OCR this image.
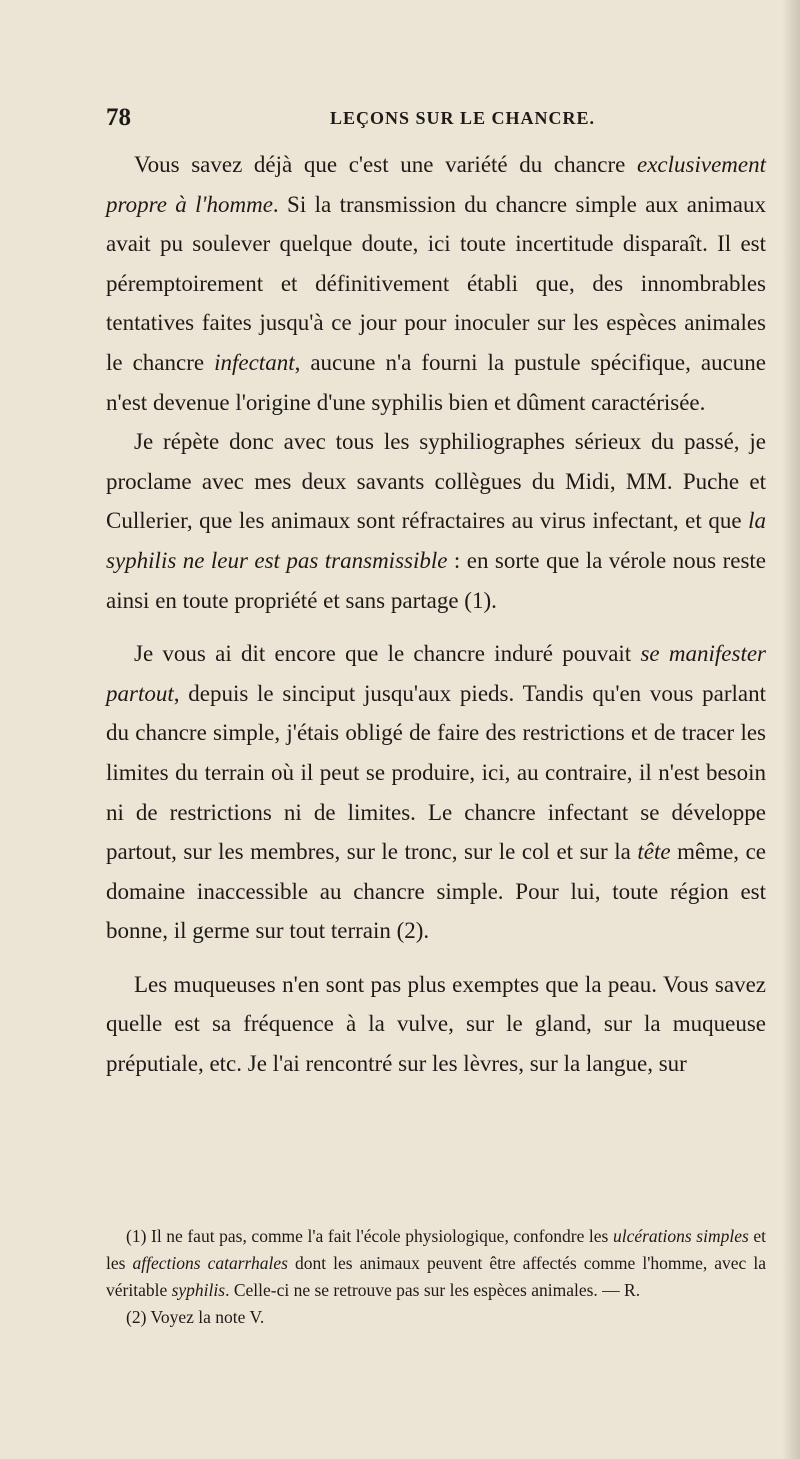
78	LEÇONS SUR LE CHANCRE.

Vous savez déjà que c'est une variété du chancre exclusivement propre à l'homme. Si la transmission du chancre simple aux animaux avait pu soulever quelque doute, ici toute incertitude disparaît. Il est péremptoirement et définitivement établi que, des innombrables tentatives faites jusqu'à ce jour pour inoculer sur les espèces animales le chancre infectant, aucune n'a fourni la pustule spécifique, aucune n'est devenue l'origine d'une syphilis bien et dûment caractérisée.

Je répète donc avec tous les syphiliographes sérieux du passé, je proclame avec mes deux savants collègues du Midi, MM. Puche et Cullerier, que les animaux sont réfractaires au virus infectant, et que la syphilis ne leur est pas transmissible : en sorte que la vérole nous reste ainsi en toute propriété et sans partage (1).

Je vous ai dit encore que le chancre induré pouvait se manifester partout, depuis le sinciput jusqu'aux pieds. Tandis qu'en vous parlant du chancre simple, j'étais obligé de faire des restrictions et de tracer les limites du terrain où il peut se produire, ici, au contraire, il n'est besoin ni de restrictions ni de limites. Le chancre infectant se développe partout, sur les membres, sur le tronc, sur le col et sur la tête même, ce domaine inaccessible au chancre simple. Pour lui, toute région est bonne, il germe sur tout terrain (2).

Les muqueuses n'en sont pas plus exemptes que la peau. Vous savez quelle est sa fréquence à la vulve, sur le gland, sur la muqueuse préputiale, etc. Je l'ai rencontré sur les lèvres, sur la langue, sur

(1) Il ne faut pas, comme l'a fait l'école physiologique, confondre les ulcérations simples et les affections catarrhales dont les animaux peuvent être affectés comme l'homme, avec la véritable syphilis. Celle-ci ne se retrouve pas sur les espèces animales. — R.

(2) Voyez la note V.
